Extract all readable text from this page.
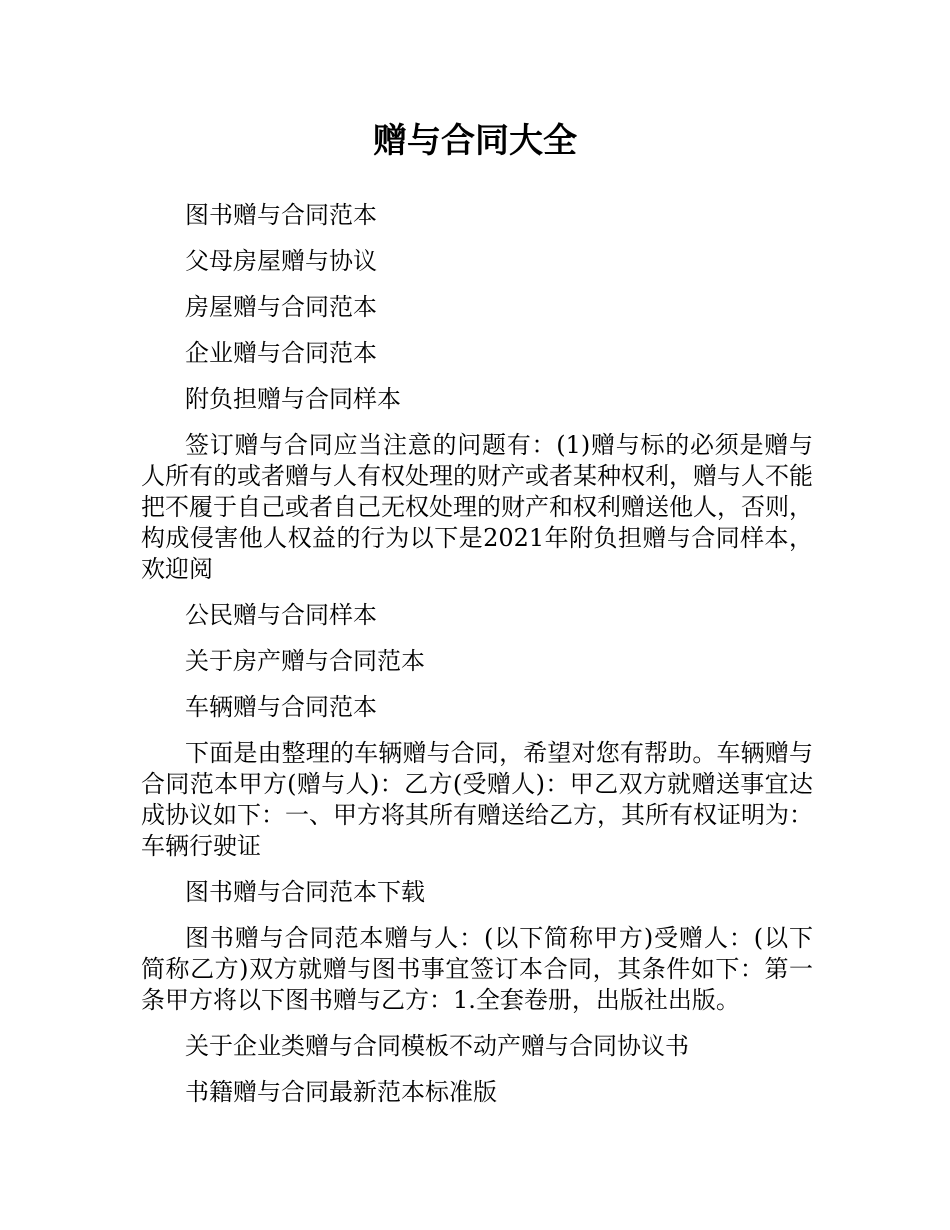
赠与合同大全

图书赠与合同范本

父母房屋赠与协议

房屋赠与合同范本

企业赠与合同范本

附负担赠与合同样本

签订赠与合同应当注意的问题有：(1)赠与标的必须是赠与人所有的或者赠与人有权处理的财产或者某种权利，赠与人不能把不履于自己或者自己无权处理的财产和权利赠送他人，否则，构成侵害他人权益的行为以下是2021年附负担赠与合同样本，欢迎阅

公民赠与合同样本

关于房产赠与合同范本

车辆赠与合同范本

下面是由整理的车辆赠与合同，希望对您有帮助。车辆赠与合同范本甲方(赠与人)：乙方(受赠人)：甲乙双方就赠送事宜达成协议如下：一、甲方将其所有赠送给乙方，其所有权证明为：车辆行驶证

图书赠与合同范本下载

图书赠与合同范本赠与人：(以下简称甲方)受赠人：(以下简称乙方)双方就赠与图书事宜签订本合同，其条件如下：第一条甲方将以下图书赠与乙方：1.全套卷册，出版社出版。

关于企业类赠与合同模板不动产赠与合同协议书

书籍赠与合同最新范本标准版
